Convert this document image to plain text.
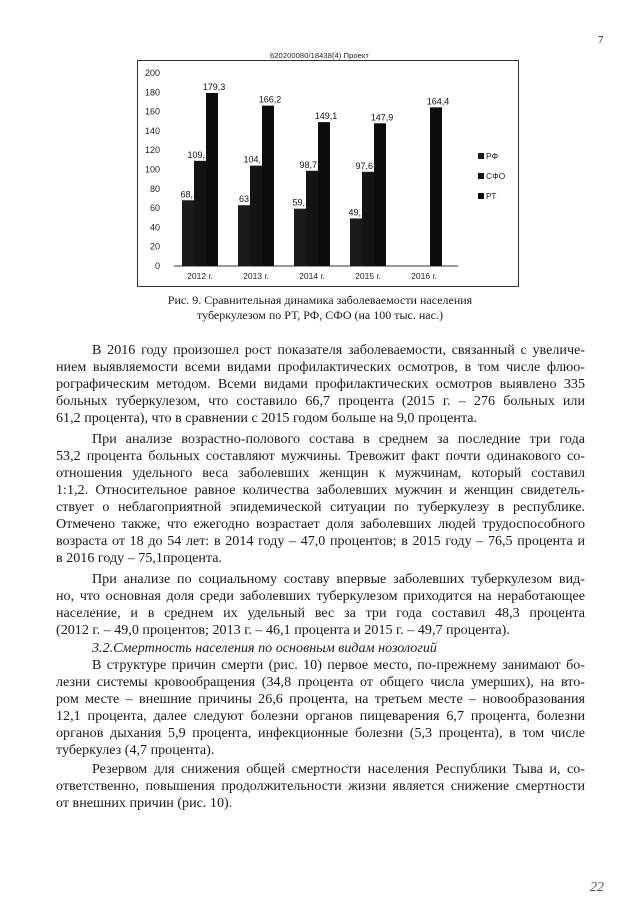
7
620200080/18438(4) Проект
0
20
40
60
80
100
120
140
160
180
200
68,
109,
179,3
2012 г.
63
104,
166,2
2013 г.
59,
98,7
149,1
2014 г.
49,
97,6
147,9
2015 г.
164,4
2016 г.
РФ
СФО
РТ
Рис. 9. Сравнительная динамика заболеваемости населения
туберкулезом по РТ, РФ, СФО (на 100 тыс. нас.)
В 2016 году произошел рост показателя заболеваемости, связанный с увеличе-
нием выявляемости всеми видами профилактических осмотров, в том числе флюо-
рографическим методом. Всеми видами профилактических осмотров выявлено 335
больных туберкулезом, что составило 66,7 процента (2015 г. – 276 больных или
61,2 процента), что в сравнении с 2015 годом больше на 9,0 процента.
При анализе возрастно-полового состава в среднем за последние три года
53,2 процента больных составляют мужчины. Тревожит факт почти одинакового со-
отношения удельного веса заболевших женщин к мужчинам, который составил
1:1,2. Относительное равное количества заболевших мужчин и женщин свидетель-
ствует о неблагоприятной эпидемической ситуации по туберкулезу в республике.
Отмечено также, что ежегодно возрастает доля заболевших людей трудоспособного
возраста от 18 до 54 лет: в 2014 году – 47,0 процентов; в 2015 году – 76,5 процента и
в 2016 году – 75,1процента.
При анализе по социальному составу впервые заболевших туберкулезом вид-
но, что основная доля среди заболевших туберкулезом приходится на неработающее
население, и в среднем их удельный вес за три года составил 48,3 процента
(2012 г. – 49,0 процентов; 2013 г. – 46,1 процента и 2015 г. – 49,7 процента).
3.2.Смертность населения по основным видам нозологий
В структуре причин смерти (рис. 10) первое место, по-прежнему занимают бо-
лезни системы кровообращения (34,8 процента от общего числа умерших), на вто-
ром месте – внешние причины 26,6 процента, на третьем месте – новообразования
12,1 процента, далее следуют болезни органов пищеварения 6,7 процента, болезни
органов дыхания 5,9 процента, инфекционные болезни (5,3 процента), в том числе
туберкулез (4,7 процента).
Резервом для снижения общей смертности населения Республики Тыва и, со-
ответственно, повышения продолжительности жизни является снижение смертности
от внешних причин (рис. 10).
22
